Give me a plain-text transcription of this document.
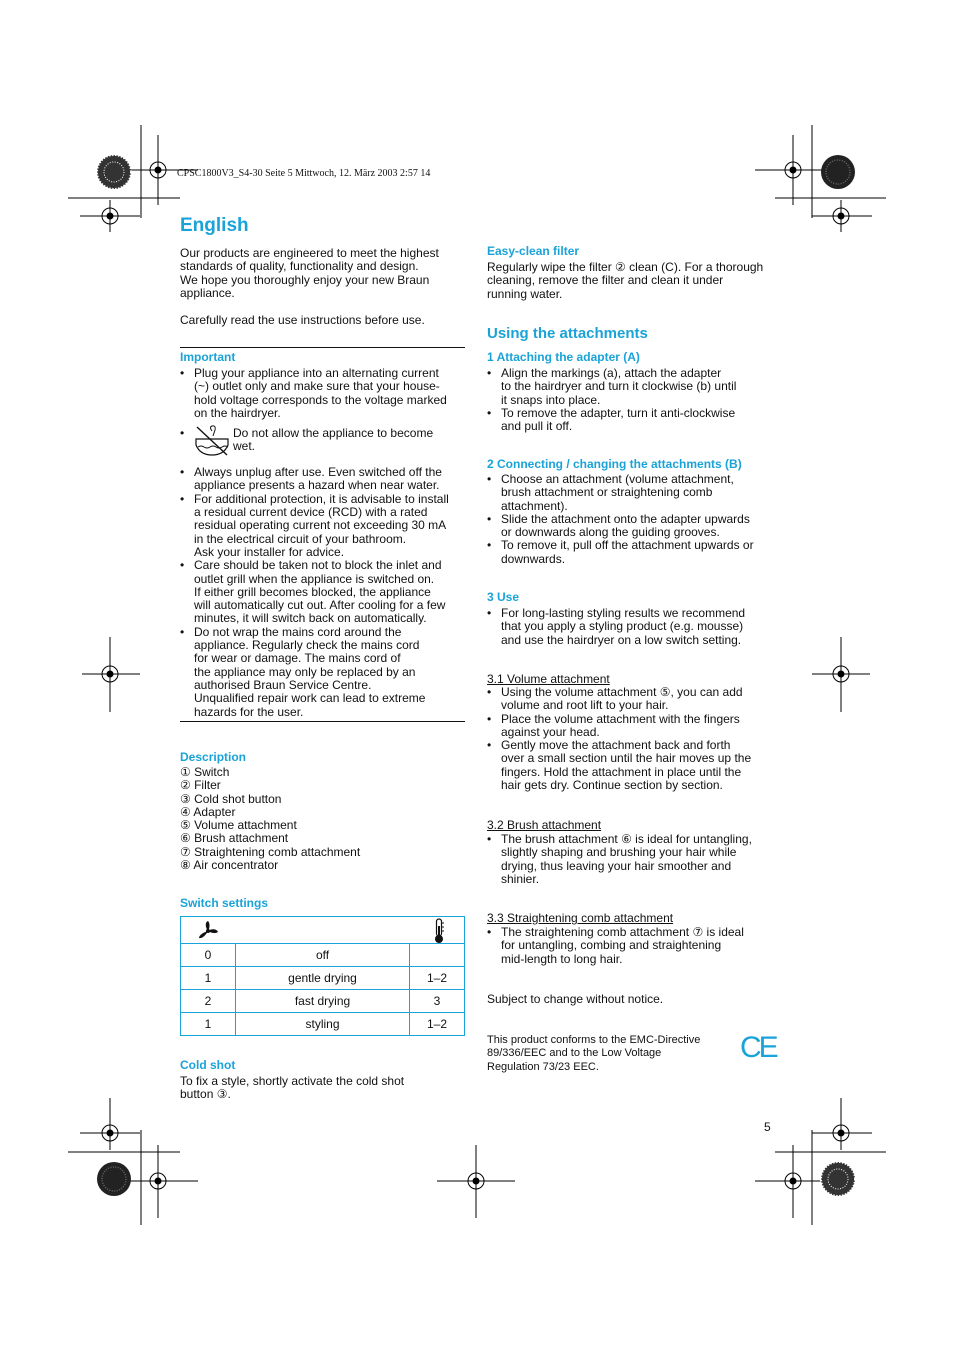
CPSC1800V3_S4-30 Seite 5 Mittwoch, 12. März 2003 2:57 14
English
Our products are engineered to meet the highest
standards of quality, functionality and design.
We hope you thoroughly enjoy your new Braun
appliance.
Carefully read the use instructions before use.
Important
• Plug your appliance into an alternating current
(~) outlet only and make sure that your house-
hold voltage corresponds to the voltage marked
on the hairdryer.
• Do not allow the appliance to become
wet.
• Always unplug after use. Even switched off the
appliance presents a hazard when near water.
• For additional protection, it is advisable to install
a residual current device (RCD) with a rated
residual operating current not exceeding 30 mA
in the electrical circuit of your bathroom.
Ask your installer for advice.
• Care should be taken not to block the inlet and
outlet grill when the appliance is switched on.
If either grill becomes blocked, the appliance
will automatically cut out. After cooling for a few
minutes, it will switch back on automatically.
• Do not wrap the mains cord around the
appliance. Regularly check the mains cord
for wear or damage. The mains cord of
the appliance may only be replaced by an
authorised Braun Service Centre.
Unqualified repair work can lead to extreme
hazards for the user.
Description
① Switch
② Filter
③ Cold shot button
④ Adapter
⑤ Volume attachment
⑥ Brush attachment
⑦ Straightening comb attachment
⑧ Air concentrator
Switch settings

0	off	
1	gentle drying	1–2
2	fast drying	3
1	styling	1–2
Cold shot
To fix a style, shortly activate the cold shot
button ③.
Easy-clean filter
Regularly wipe the filter ② clean (C). For a thorough
cleaning, remove the filter and clean it under
running water.
Using the attachments
1 Attaching the adapter (A)
• Align the markings (a), attach the adapter
to the hairdryer and turn it clockwise (b) until
it snaps into place.
• To remove the adapter, turn it anti-clockwise
and pull it off.
2 Connecting / changing the attachments (B)
• Choose an attachment (volume attachment,
brush attachment or straightening comb
attachment).
• Slide the attachment onto the adapter upwards
or downwards along the guiding grooves.
• To remove it, pull off the attachment upwards or
downwards.
3 Use
• For long-lasting styling results we recommend
that you apply a styling product (e.g. mousse)
and use the hairdryer on a low switch setting.
3.1 Volume attachment
• Using the volume attachment ⑤, you can add
volume and root lift to your hair.
• Place the volume attachment with the fingers
against your head.
• Gently move the attachment back and forth
over a small section until the hair moves up the
fingers. Hold the attachment in place until the
hair gets dry. Continue section by section.
3.2 Brush attachment
• The brush attachment ⑥ is ideal for untangling,
slightly shaping and brushing your hair while
drying, thus leaving your hair smoother and
shinier.
3.3 Straightening comb attachment
• The straightening comb attachment ⑦ is ideal
for untangling, combing and straightening
mid-length to long hair.
Subject to change without notice.
This product conforms to the EMC-Directive
89/336/EEC and to the Low Voltage
Regulation 73/23 EEC.
CE
5
